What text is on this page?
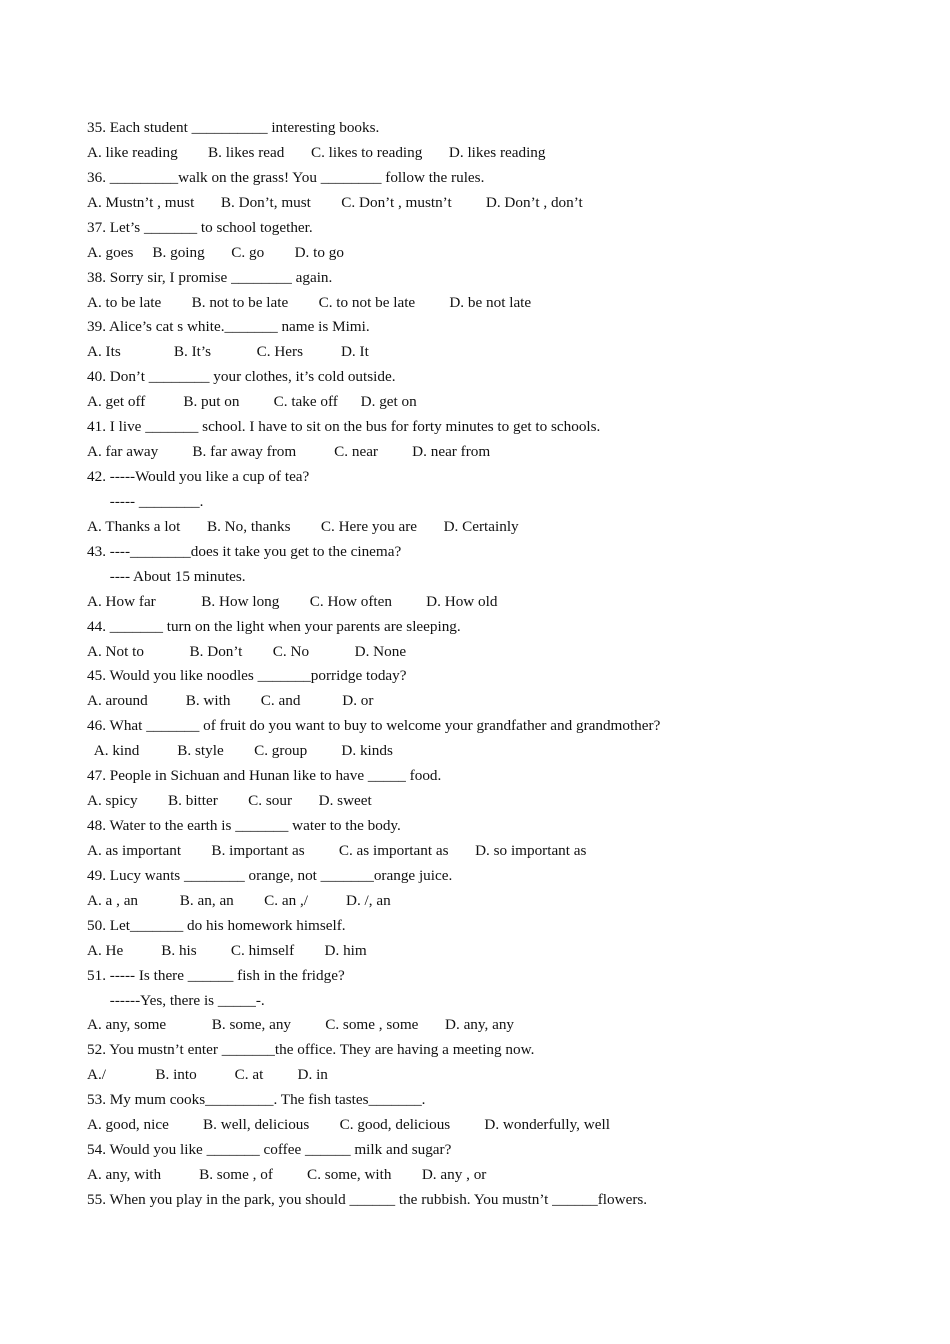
35. Each student __________ interesting books.
A. like reading        B. likes read       C. likes to reading       D. likes reading
36. _________walk on the grass! You ________ follow the rules.
A. Mustn’t , must       B. Don’t, must        C. Don’t , mustn’t         D. Don’t , don’t
37. Let’s _______ to school together.
A. goes     B. going       C. go        D. to go
38. Sorry sir, I promise ________ again.
A. to be late        B. not to be late        C. to not be late         D. be not late
39. Alice’s cat s white._______ name is Mimi.
A. Its              B. It’s            C. Hers          D. It
40. Don’t ________ your clothes, it’s cold outside.
A. get off          B. put on         C. take off      D. get on
41. I live _______ school. I have to sit on the bus for forty minutes to get to schools.
A. far away         B. far away from          C. near         D. near from
42. -----Would you like a cup of tea?
----- ________.
A. Thanks a lot       B. No, thanks        C. Here you are       D. Certainly
43. ----________does it take you get to the cinema?
---- About 15 minutes.
A. How far            B. How long        C. How often         D. How old
44. _______ turn on the light when your parents are sleeping.
A. Not to            B. Don’t        C. No            D. None
45. Would you like noodles _______porridge today?
A. around          B. with        C. and           D. or
46. What _______ of fruit do you want to buy to welcome your grandfather and grandmother?
A. kind          B. style        C. group         D. kinds
47. People in Sichuan and Hunan like to have _____ food.
A. spicy        B. bitter        C. sour       D. sweet
48. Water to the earth is _______ water to the body.
A. as important        B. important as         C. as important as       D. so important as
49. Lucy wants ________ orange, not _______orange juice.
A. a , an           B. an, an        C. an ,/          D. /, an
50. Let_______ do his homework himself.
A. He          B. his         C. himself        D. him
51. ----- Is there ______ fish in the fridge?
------Yes, there is _____-.
A. any, some            B. some, any         C. some , some       D. any, any
52. You mustn’t enter _______the office. They are having a meeting now.
A./             B. into          C. at         D. in
53. My mum cooks_________. The fish tastes_______.
A. good, nice         B. well, delicious        C. good, delicious         D. wonderfully, well
54. Would you like _______ coffee ______ milk and sugar?
A. any, with          B. some , of         C. some, with        D. any , or
55. When you play in the park, you should ______ the rubbish. You mustn’t ______flowers.
